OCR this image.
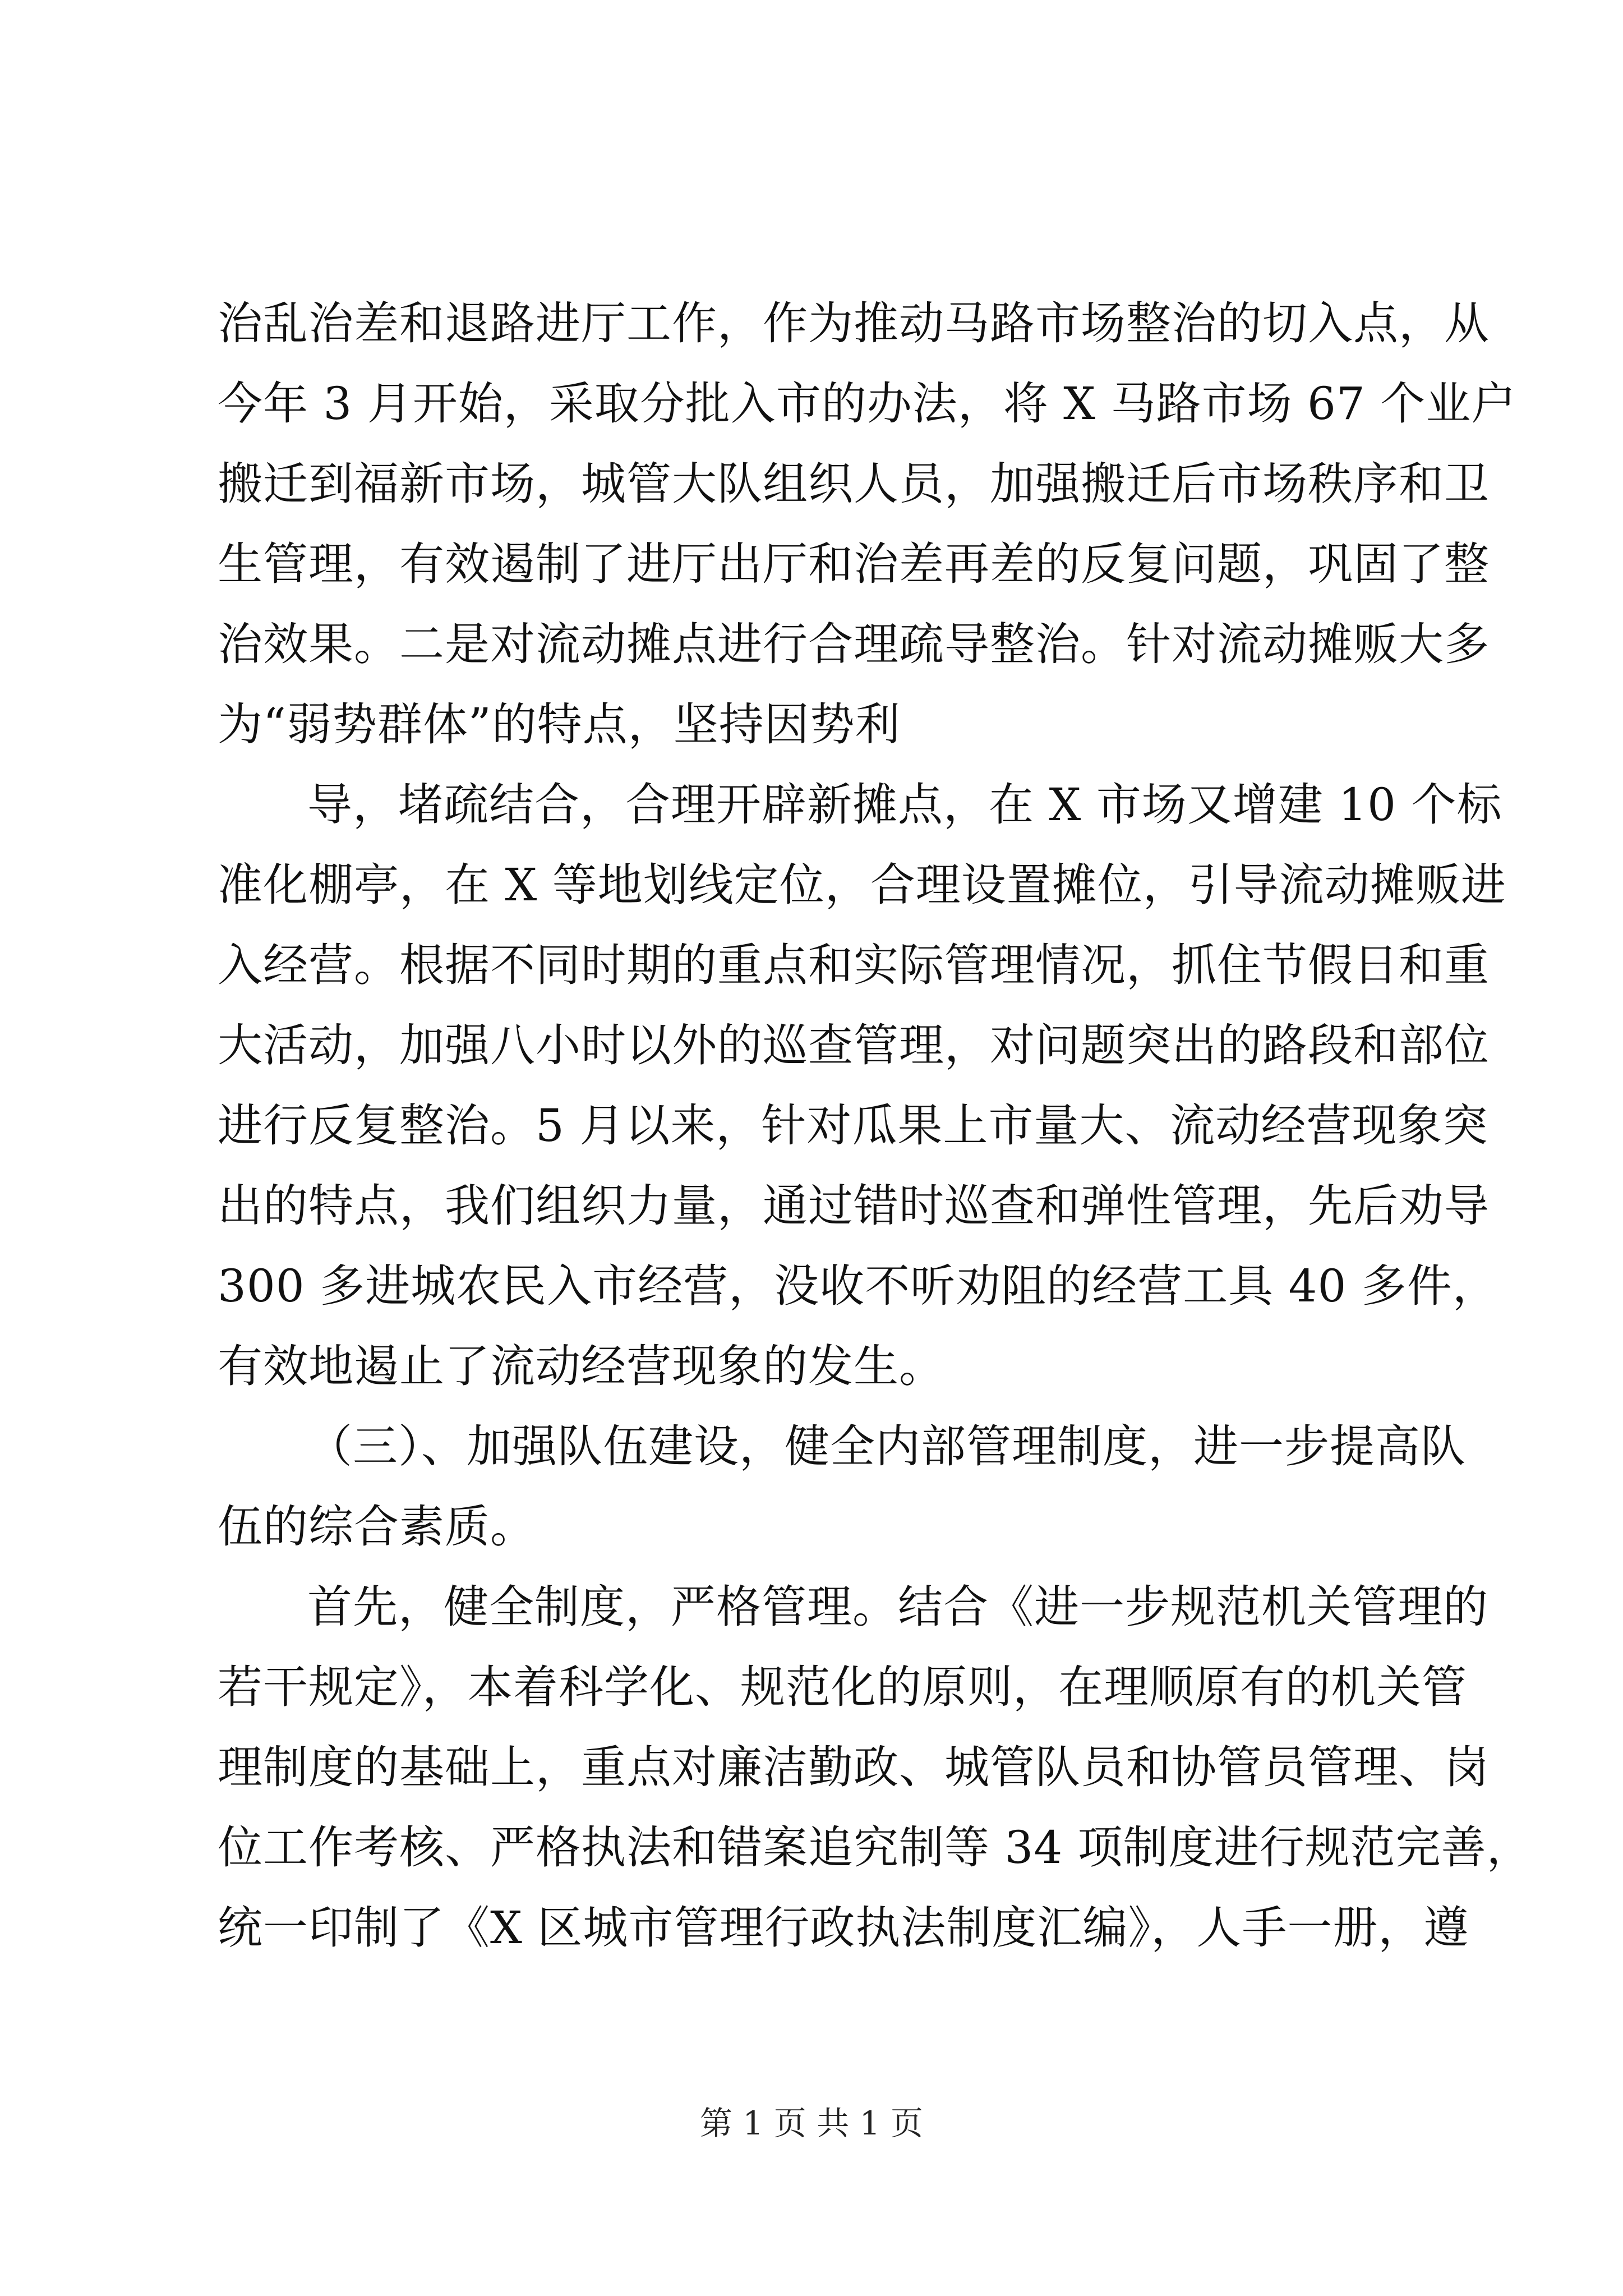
治乱治差和退路进厅工作，作为推动马路市场整治的切入点，从
今年 3 月开始，采取分批入市的办法，将 X 马路市场 67 个业户
搬迁到福新市场，城管大队组织人员，加强搬迁后市场秩序和卫
生管理，有效遏制了进厅出厅和治差再差的反复问题，巩固了整
治效果。二是对流动摊点进行合理疏导整治。针对流动摊贩大多
为“弱势群体”的特点，坚持因势利
导，堵疏结合，合理开辟新摊点，在 X 市场又增建 10 个标
准化棚亭，在 X 等地划线定位，合理设置摊位，引导流动摊贩进
入经营。根据不同时期的重点和实际管理情况，抓住节假日和重
大活动，加强八小时以外的巡查管理，对问题突出的路段和部位
进行反复整治。5 月以来，针对瓜果上市量大、流动经营现象突
出的特点，我们组织力量，通过错时巡查和弹性管理，先后劝导
300 多进城农民入市经营，没收不听劝阻的经营工具 40 多件，
有效地遏止了流动经营现象的发生。
（三）、加强队伍建设，健全内部管理制度，进一步提高队
伍的综合素质。
首先，健全制度，严格管理。结合《进一步规范机关管理的
若干规定》，本着科学化、规范化的原则，在理顺原有的机关管
理制度的基础上，重点对廉洁勤政、城管队员和协管员管理、岗
位工作考核、严格执法和错案追究制等 34 项制度进行规范完善，
统一印制了《X 区城市管理行政执法制度汇编》，人手一册，遵
第 1 页 共 1 页
